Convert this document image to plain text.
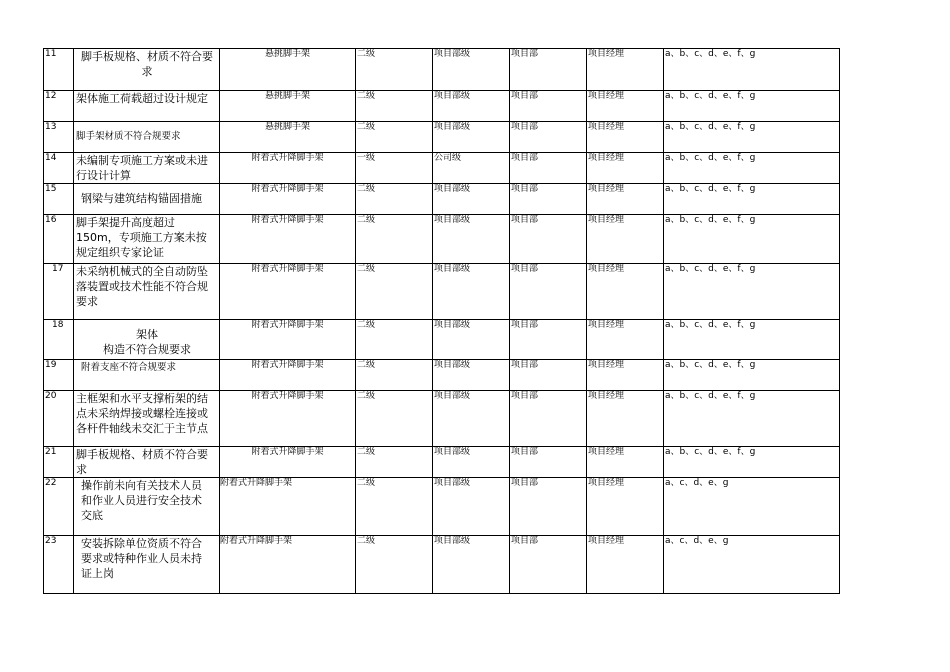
11	脚手板规格、材质不符合要
求	悬挑脚手架	二级	项目部级	项目部	项目经理	a、b、c、d、e、f、g
12	架体施工荷载超过设计规定	悬挑脚手架	二级	项目部级	项目部	项目经理	a、b、c、d、e、f、g
13	脚手架材质不符合规要求	悬挑脚手架	二级	项目部级	项目部	项目经理	a、b、c、d、e、f、g
14	未编制专项施工方案或未进
行设计计算	附着式升降脚手架	一级	公司级	项目部	项目经理	a、b、c、d、e、f、g
15	钢梁与建筑结构锚固措施	附着式升降脚手架	二级	项目部级	项目部	项目经理	a、b、c、d、e、f、g
16	脚手架提升高度超过
150m，专项施工方案未按
规定组织专家论证	附着式升降脚手架	二级	项目部级	项目部	项目经理	a、b、c、d、e、f、g
17	未采纳机械式的全自动防坠
落装置或技术性能不符合规
要求	附着式升降脚手架	二级	项目部级	项目部	项目经理	a、b、c、d、e、f、g
18	架体
构造不符合规要求	附着式升降脚手架	二级	项目部级	项目部	项目经理	a、b、c、d、e、f、g
19	附着支座不符合规要求	附着式升降脚手架	二级	项目部级	项目部	项目经理	a、b、c、d、e、f、g
20	主框架和水平支撑桁架的结
点未采纳焊接或螺栓连接或
各杆件轴线未交汇于主节点	附着式升降脚手架	二级	项目部级	项目部	项目经理	a、b、c、d、e、f、g
21	脚手板规格、材质不符合要
求	附着式升降脚手架	二级	项目部级	项目部	项目经理	a、b、c、d、e、f、g
22	操作前未向有关技术人员
和作业人员进行安全技术
交底	附着式升降脚手架	二级	项目部级	项目部	项目经理	a、c、d、e、g
23	安装拆除单位资质不符合
要求或特种作业人员未持
证上岗	附着式升降脚手架	二级	项目部级	项目部	项目经理	a、c、d、e、g
